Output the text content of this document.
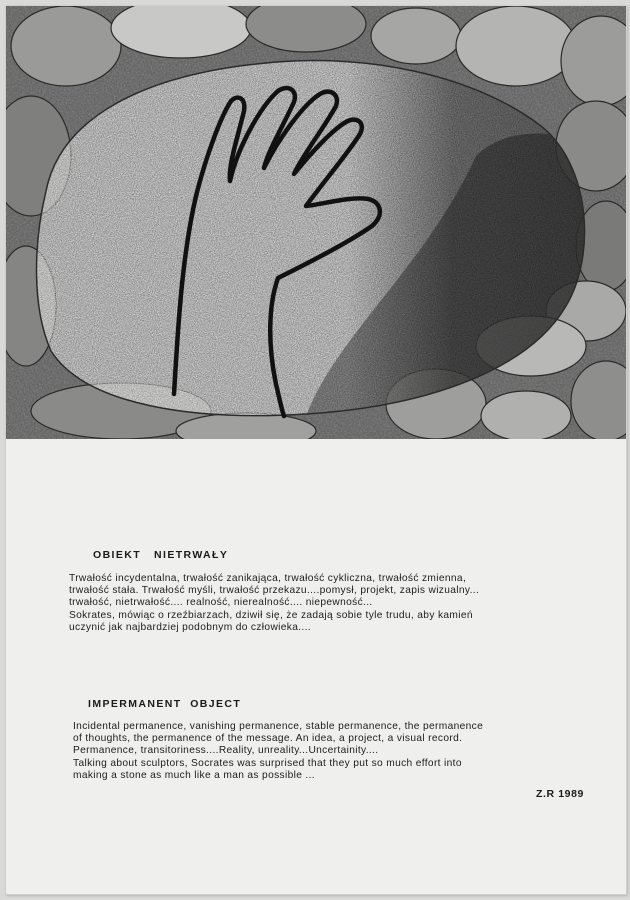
OBIEKT   NIETRWAŁY
Trwałość incydentalna, trwałość zanikająca, trwałość cykliczna, trwałość zmienna,
trwałość stała. Trwałość myśli, trwałość przekazu....pomysł, projekt, zapis wizualny...
trwałość, nietrwałość.... realność, nierealność.... niepewność...
Sokrates, mówiąc o rzeźbiarzach, dziwił się, że zadają sobie tyle trudu, aby kamień
uczynić jak najbardziej podobnym do człowieka....
IMPERMANENT  OBJECT
Incidental permanence, vanishing permanence, stable permanence, the permanence
of thoughts, the permanence of the message. An idea, a project, a visual record.
Permanence, transitoriness....Reality, unreality...Uncertainity....
Talking about sculptors, Socrates was surprised that they put so much effort into
making a stone as much like a man as possible ...
Z.R 1989
